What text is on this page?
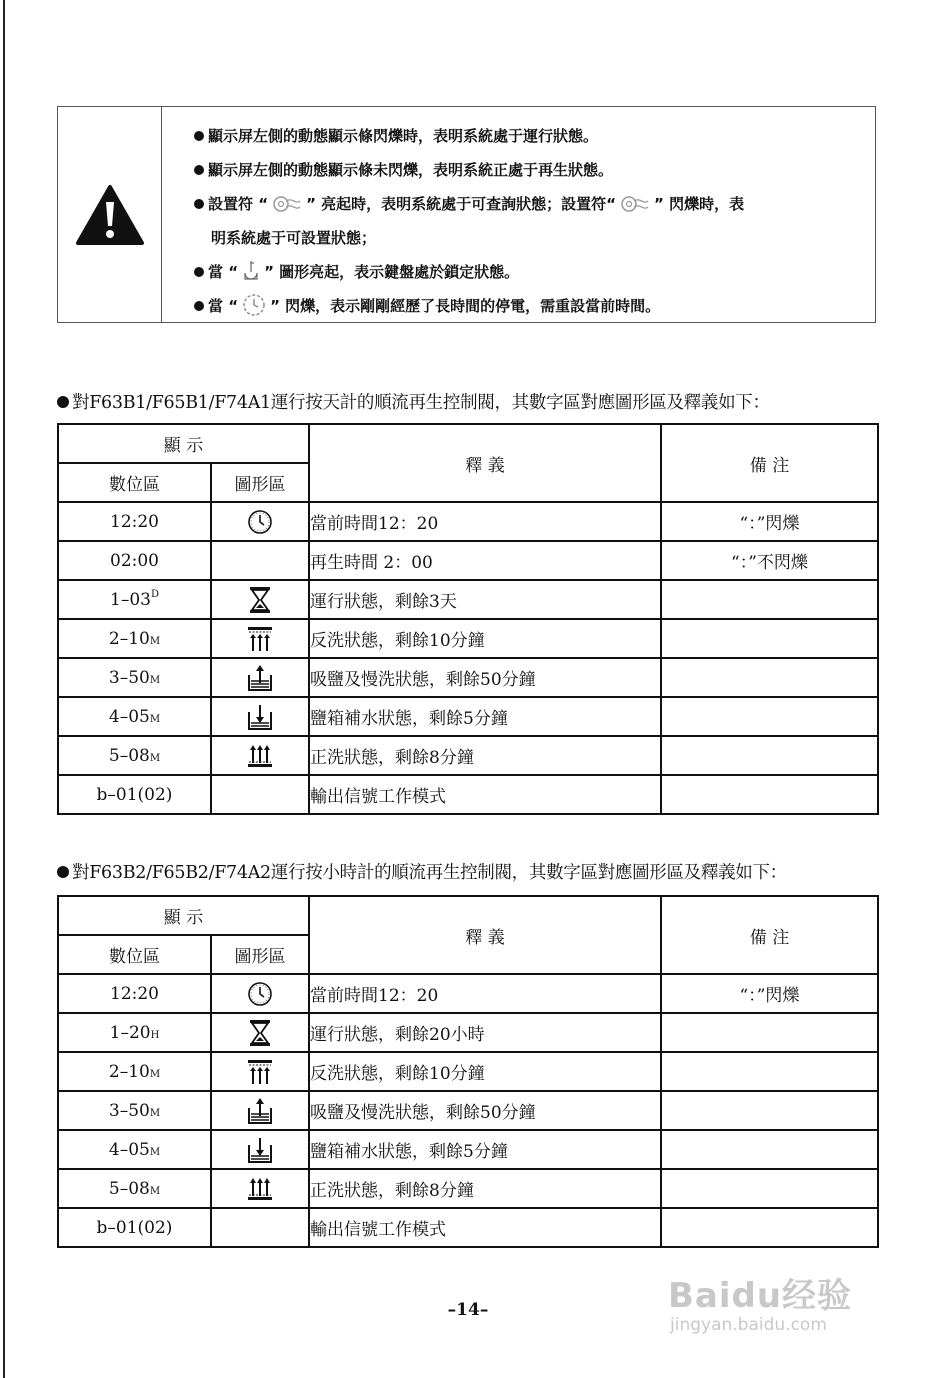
顯示屏左側的動態顯示條閃爍時，表明系統處于運行狀態。
顯示屏左側的動態顯示條未閃爍，表明系統正處于再生狀態。
設置符 “	” 亮起時，表明系統處于可查詢狀態；設置符“	” 閃爍時，表
明系統處于可設置狀態；
當 “ ” 圖形亮起，表示鍵盤處於鎖定狀態。
當 “ ” 閃爍，表示剛剛經歷了長時間的停電，需重設當前時間。
對F63B1/F65B1/F74A1運行按天計的順流再生控制閥，其數字區對應圖形區及釋義如下：
顯 示		釋 義	備 注
數位區	圖形區		
12:20		當前時間12：20	“：”閃爍
02:00		再生時間 2：00	“：”不閃爍
$1-03^D$		運行狀態，剩餘3天	
2–10M		反洗狀態，剩餘10分鐘	
3–50M		吸鹽及慢洗狀態，剩餘50分鐘	
4–05M		鹽箱補水狀態，剩餘5分鐘	
5–08M		正洗狀態，剩餘8分鐘	
b–01(02)		輸出信號工作模式	
對F63B2/F65B2/F74A2運行按小時計的順流再生控制閥，其數字區對應圖形區及釋義如下：
顯 示		釋 義	備 注
數位區	圖形區		
12:20		當前時間12：20	“：”閃爍
1–20H		運行狀態，剩餘20小時	
2–10M		反洗狀態，剩餘10分鐘	
3–50M		吸鹽及慢洗狀態，剩餘50分鐘	
4–05M		鹽箱補水狀態，剩餘5分鐘	
5–08M		正洗狀態，剩餘8分鐘	
b–01(02)		輸出信號工作模式	
–14–	Baidu经验
jingyan.baidu.com
